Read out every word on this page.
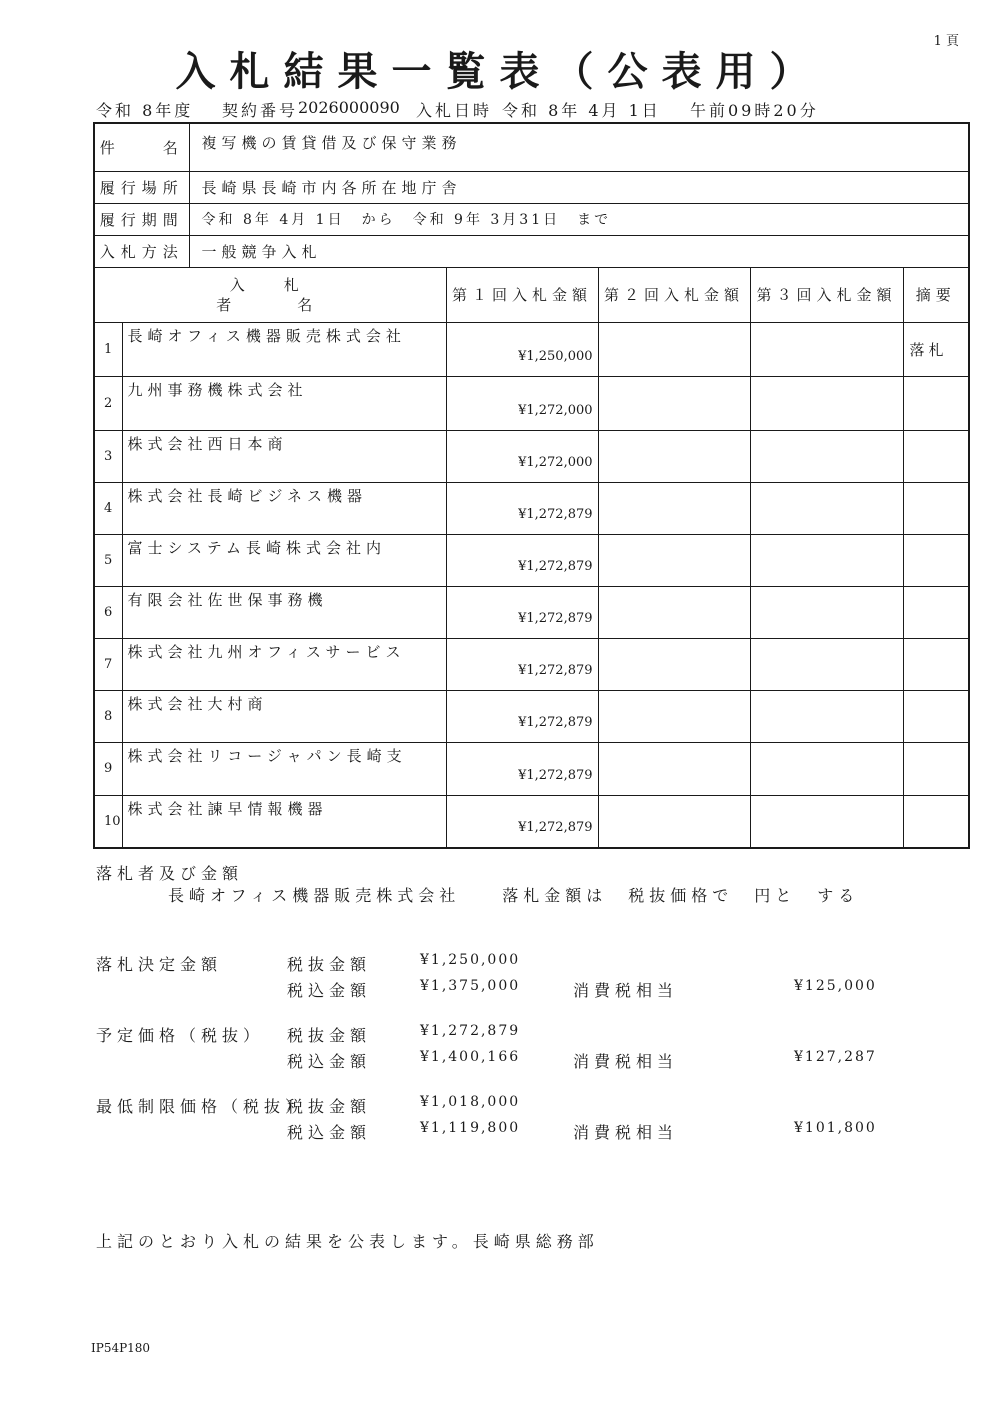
1 頁
入札結果一覧表（公表用）
令和 8年度 契約番号 2026000090 入札日時 令和 8年 4月 1日 午前09時20分
件　　名		複写機の賃貸借及び保守業務				
履行場所		長崎県長崎市内各所在地庁舎				
履行期間		令和 8年 4月 1日　から　令和 9年 3月31日　まで				
入札方法		一般競争入札				

入　札
者　　名			第１回入札金額	第２回入札金額	第３回入札金額	摘要
1	長崎オフィス機器販売株式会社		¥1,250,000			落札
2	九州事務機株式会社		¥1,272,000			
3	株式会社西日本商		¥1,272,000			
4	株式会社長崎ビジネス機器		¥1,272,879			
5	富士システム長崎株式会社内		¥1,272,879			
6	有限会社佐世保事務機		¥1,272,879			
7	株式会社九州オフィスサービス		¥1,272,879			
8	株式会社大村商		¥1,272,879			
9	株式会社リコージャパン長崎支		¥1,272,879			
10	株式会社諫早情報機器		¥1,272,879			
落札者及び金額
長崎オフィス機器販売株式会社　　落札金額は　税抜価格で　円と　する
落札決定金額	税抜金額	¥1,250,000
税込金額	¥1,375,000	消費税相当	¥125,000
予定価格（税抜） 税抜金額	¥1,272,879
税込金額	¥1,400,166	消費税相当	¥127,287
最低制限価格（税抜）
税抜金額	¥1,018,000
税込金額	¥1,119,800	消費税相当	¥101,800
上記のとおり入札の結果を公表します。長崎県総務部
IP54P180
